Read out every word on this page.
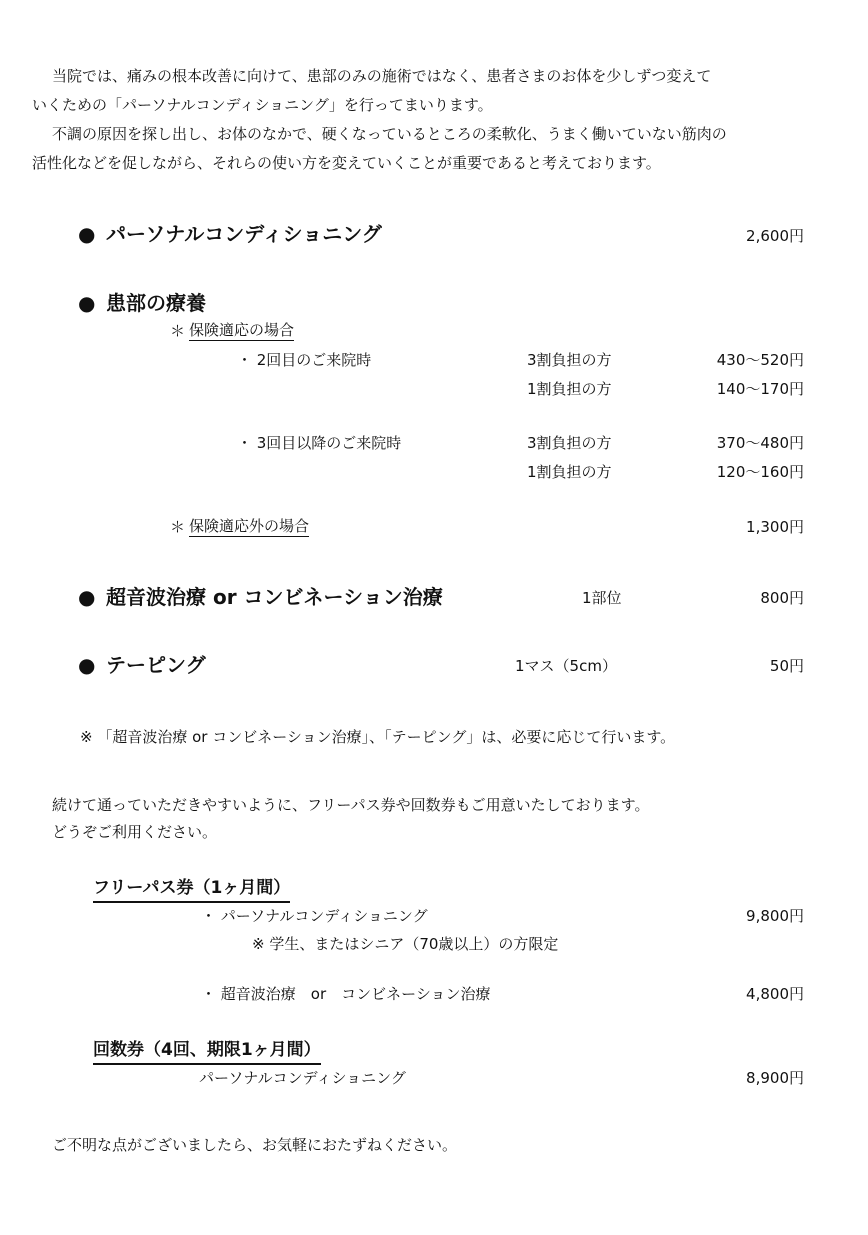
当院では、痛みの根本改善に向けて、患部のみの施術ではなく、患者さまのお体を少しずつ変えて
いくための「パーソナルコンディショニング」を行ってまいります。
不調の原因を探し出し、お体のなかで、硬くなっているところの柔軟化、うまく働いていない筋肉の
活性化などを促しながら、それらの使い方を変えていくことが重要であると考えております。
● パーソナルコンディショニング	2,600円
● 患部の療養
＊ 保険適応の場合
・ 2回目のご来院時	3割負担の方	430〜520円
1割負担の方	140〜170円
・ 3回目以降のご来院時	3割負担の方	370〜480円
1割負担の方	120〜160円
＊ 保険適応外の場合	1,300円
● 超音波治療 or コンビネーション治療	1部位	800円
● テーピング	1マス（5cm）	50円
※ 「超音波治療 or コンビネーション治療」、「テーピング」は、必要に応じて行います。
続けて通っていただきやすいように、フリーパス券や回数券もご用意いたしております。
どうぞご利用ください。
フリーパス券（1ヶ月間）
・ パーソナルコンディショニング	9,800円
※ 学生、またはシニア（70歳以上）の方限定
・ 超音波治療　or　コンビネーション治療	4,800円
回数券（4回、期限1ヶ月間）
パーソナルコンディショニング	8,900円
ご不明な点がございましたら、お気軽におたずねください。
